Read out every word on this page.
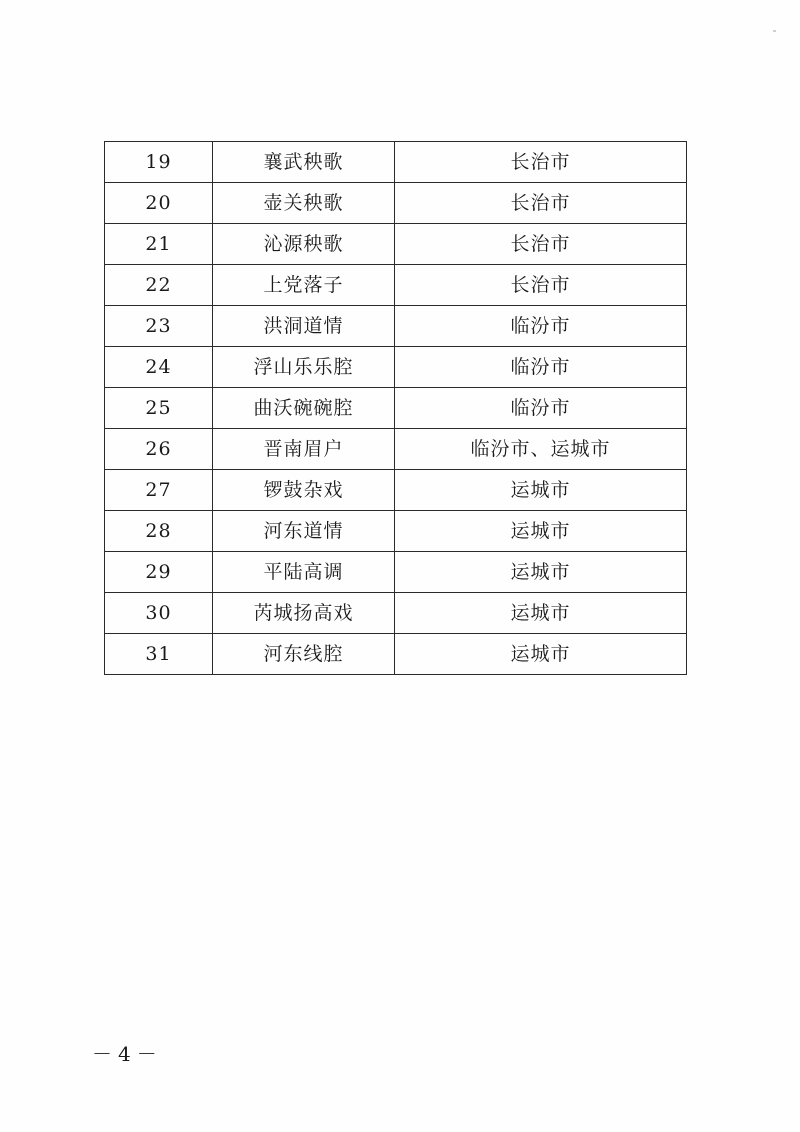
19	襄武秧歌	长治市
20	壶关秧歌	长治市
21	沁源秧歌	长治市
22	上党落子	长治市
23	洪洞道情	临汾市
24	浮山乐乐腔	临汾市
25	曲沃碗碗腔	临汾市
26	晋南眉户	临汾市、运城市
27	锣鼓杂戏	运城市
28	河东道情	运城市
29	平陆高调	运城市
30	芮城扬高戏	运城市
31	河东线腔	运城市
－4－
